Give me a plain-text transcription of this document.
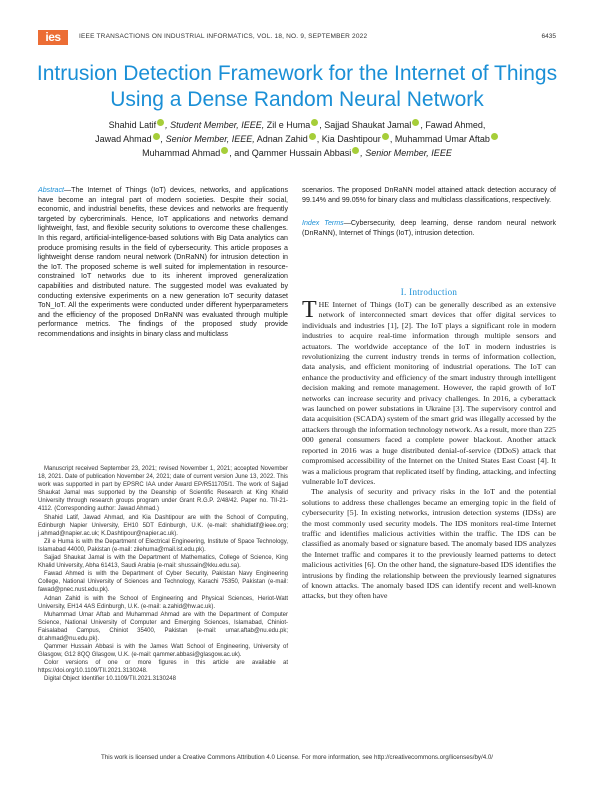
ies	IEEE TRANSACTIONS ON INDUSTRIAL INFORMATICS, VOL. 18, NO. 9, SEPTEMBER 2022	6435
Intrusion Detection Framework for the Internet of Things Using a Dense Random Neural Network
Shahid Latif , Student Member, IEEE, Zil e Huma , Sajjad Shaukat Jamal , Fawad Ahmed,
Jawad Ahmad , Senior Member, IEEE, Adnan Zahid , Kia Dashtipour , Muhammad Umar Aftab
Muhammad Ahmad , and Qammer Hussain Abbasi , Senior Member, IEEE
Abstract—The Internet of Things (IoT) devices, networks, and applications have become an integral part of modern societies. Despite their social, economic, and industrial benefits, these devices and networks are frequently targeted by cybercriminals. Hence, IoT applications and networks demand lightweight, fast, and flexible security solutions to overcome these challenges. In this regard, artificial-intelligence-based solutions with Big Data analytics can produce promising results in the field of cybersecurity. This article proposes a lightweight dense random neural network (DnRaNN) for intrusion detection in the IoT. The proposed scheme is well suited for implementation in resource-constrained IoT networks due to its inherent improved generalization capabilities and distributed nature. The suggested model was evaluated by conducting extensive experiments on a new generation IoT security dataset ToN_IoT. All the experiments were conducted under different hyperparameters and the efficiency of the proposed DnRaNN was evaluated through multiple performance metrics. The findings of the proposed study provide recommendations and insights in binary class and multiclass
scenarios. The proposed DnRaNN model attained attack detection accuracy of 99.14% and 99.05% for binary class and multiclass classifications, respectively.
Index Terms—Cybersecurity, deep learning, dense random neural network (DnRaNN), Internet of Things (IoT), intrusion detection.

Manuscript received September 23, 2021; revised November 1, 2021; accepted November 18, 2021. Date of publication November 24, 2021; date of current version June 13, 2022. This work was supported in part by EPSRC IAA under Award EP/R511705/1. The work of Sajjad Shaukat Jamal was supported by the Deanship of Scientific Research at King Khalid University through research groups program under Grant R.G.P. 2/48/42. Paper no. TII-21-4112. (Corresponding author: Jawad Ahmad.)

Shahid Latif, Jawad Ahmad, and Kia Dashtipour are with the School of Computing, Edinburgh Napier University, EH10 5DT Edinburgh, U.K. (e-mail: shahidlatif@ieee.org; j.ahmad@napier.ac.uk; K.Dashtipour@napier.ac.uk).

Zil e Huma is with the Department of Electrical Engineering, Institute of Space Technology, Islamabad 44000, Pakistan (e-mail: zilehuma@mail.ist.edu.pk).

Sajjad Shaukat Jamal is with the Department of Mathematics, College of Science, King Khalid University, Abha 61413, Saudi Arabia (e-mail: shussain@kku.edu.sa).

Fawad Ahmed is with the Department of Cyber Security, Pakistan Navy Engineering College, National University of Sciences and Technology, Karachi 75350, Pakistan (e-mail: fawad@pnec.nust.edu.pk).

Adnan Zahid is with the School of Engineering and Physical Sciences, Heriot-Watt University, EH14 4AS Edinburgh, U.K. (e-mail: a.zahid@hw.ac.uk).

Muhammad Umar Aftab and Muhammad Ahmad are with the Department of Computer Science, National University of Computer and Emerging Sciences, Islamabad, Chiniot-Faisalabad Campus, Chiniot 35400, Pakistan (e-mail: umar.aftab@nu.edu.pk; dr.ahmad@nu.edu.pk).

Qammer Hussain Abbasi is with the James Watt School of Engineering, University of Glasgow, G12 8QQ Glasgow, U.K. (e-mail: qammer.abbasi@glasgow.ac.uk).

Color versions of one or more figures in this article are available at https://doi.org/10.1109/TII.2021.3130248.

Digital Object Identifier 10.1109/TII.2021.3130248

I. Introduction

THE Internet of Things (IoT) can be generally described as an extensive network of interconnected smart devices that offer digital services to individuals and industries [1], [2]. The IoT plays a significant role in modern industries to acquire real-time information through multiple sensors and actuators. The worldwide acceptance of the IoT in modern industries is revolutionizing the current industry trends in terms of information collection, data analysis, and efficient monitoring of industrial operations. The IoT can enhance the productivity and efficiency of the smart industry through intelligent decision making and remote management. However, the rapid growth of IoT networks can increase security and privacy challenges. In 2016, a cyberattack was launched on power substations in Ukraine [3]. The supervisory control and data acquisition (SCADA) system of the smart grid was illegally accessed by the attackers through the information technology network. As a result, more than 225 000 general consumers faced a complete power blackout. Another attack reported in 2016 was a huge distributed denial-of-service (DDoS) attack that compromised accessibility of the Internet on the United States East Coast [4]. It was a malicious program that replicated itself by finding, attacking, and infecting vulnerable IoT devices.

The analysis of security and privacy risks in the IoT and the potential solutions to address these challenges became an emerging topic in the field of cybersecurity [5]. In existing networks, intrusion detection systems (IDSs) are the most commonly used security models. The IDS monitors real-time Internet traffic and identifies malicious activities within the traffic. The IDS can be classified as anomaly based or signature based. The anomaly based IDS analyzes the Internet traffic and compares it to the previously learned patterns to detect malicious activities [6]. On the other hand, the signature-based IDS identifies the intrusions by finding the relationship between the previously learned signatures of known attacks. The anomaly based IDS can identify recent and well-known attacks, but they often have

This work is licensed under a Creative Commons Attribution 4.0 License. For more information, see http://creativecommons.org/licenses/by/4.0/
